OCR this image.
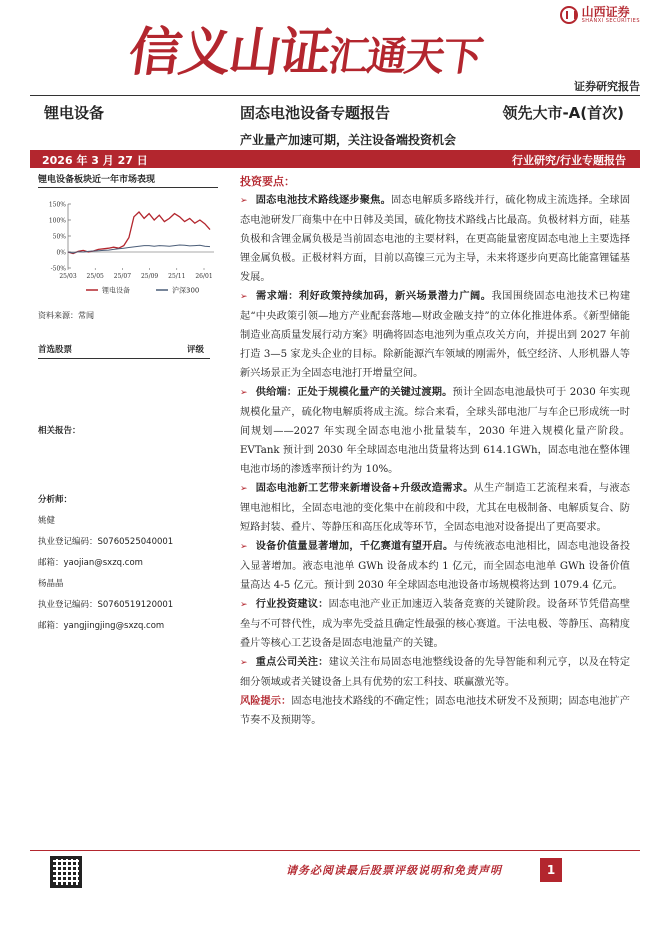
信义山证汇通天下
山西证券
SHANXI SECURITIES
证券研究报告
锂电设备	固态电池设备专题报告	领先大市-A(首次)
产业量产加速可期，关注设备端投资机会
2026 年 3 月 27 日	行业研究/行业专题报告
锂电设备板块近一年市场表现
150%
100%
50%
0%
-50%
25/03 25/05 25/07 25/09 25/11 26/01
锂电设备	沪深300
资料来源：常闻
首选股票	评级
相关报告：
分析师：
姚健
执业登记编码：S0760525040001
邮箱：yaojian@sxzq.com
杨晶晶
执业登记编码：S0760519120001
邮箱：yangjingjing@sxzq.com
投资要点：
➢ 固态电池技术路线逐步聚焦。固态电解质多路线并行，硫化物成主流选择。全球固态电池研发厂商集中在中日韩及美国，硫化物技术路线占比最高。负极材料方面，硅基负极和含锂金属负极是当前固态电池的主要材料，在更高能量密度固态电池上主要选择锂金属负极。正极材料方面，目前以高镍三元为主导，未来将逐步向更高比能富锂锰基发展。
➢ 需求端：利好政策持续加码，新兴场景潜力广阔。我国围绕固态电池技术已构建起“中央政策引领—地方产业配套落地—财政金融支持”的立体化推进体系。《新型储能制造业高质量发展行动方案》明确将固态电池列为重点攻关方向，并提出到 2027 年前打造 3—5 家龙头企业的目标。除新能源汽车领域的刚需外，低空经济、人形机器人等新兴场景正为全固态电池打开增量空间。
➢ 供给端：正处于规模化量产的关键过渡期。预计全固态电池最快可于 2030 年实现规模化量产，硫化物电解质将成主流。综合来看，全球头部电池厂与车企已形成统一时间规划——2027 年实现全固态电池小批量装车，2030 年进入规模化量产阶段。EVTank 预计到 2030 年全球固态电池出货量将达到 614.1GWh，固态电池在整体锂电池市场的渗透率预计约为 10%。
➢ 固态电池新工艺带来新增设备+升级改造需求。从生产制造工艺流程来看，与液态锂电池相比，全固态电池的变化集中在前段和中段，尤其在电极制备、电解质复合、防短路封装、叠片、等静压和高压化成等环节，全固态电池对设备提出了更高要求。
➢ 设备价值量显著增加，千亿赛道有望开启。与传统液态电池相比，固态电池设备投入显著增加。液态电池单 GWh 设备成本约 1 亿元，而全固态电池单 GWh 设备价值量高达 4-5 亿元。预计到 2030 年全球固态电池设备市场规模将达到 1079.4 亿元。
➢ 行业投资建议：固态电池产业正加速迈入装备竞赛的关键阶段。设备环节凭借高壁垒与不可替代性，成为率先受益且确定性最强的核心赛道。干法电极、等静压、高精度叠片等核心工艺设备是固态电池量产的关键。
➢ 重点公司关注：建议关注布局固态电池整线设备的先导智能和利元亨，以及在特定细分领域或者关键设备上具有优势的宏工科技、联赢激光等。
风险提示：固态电池技术路线的不确定性；固态电池技术研发不及预期；固态电池扩产节奏不及预期等。
请务必阅读最后股票评级说明和免责声明	1
